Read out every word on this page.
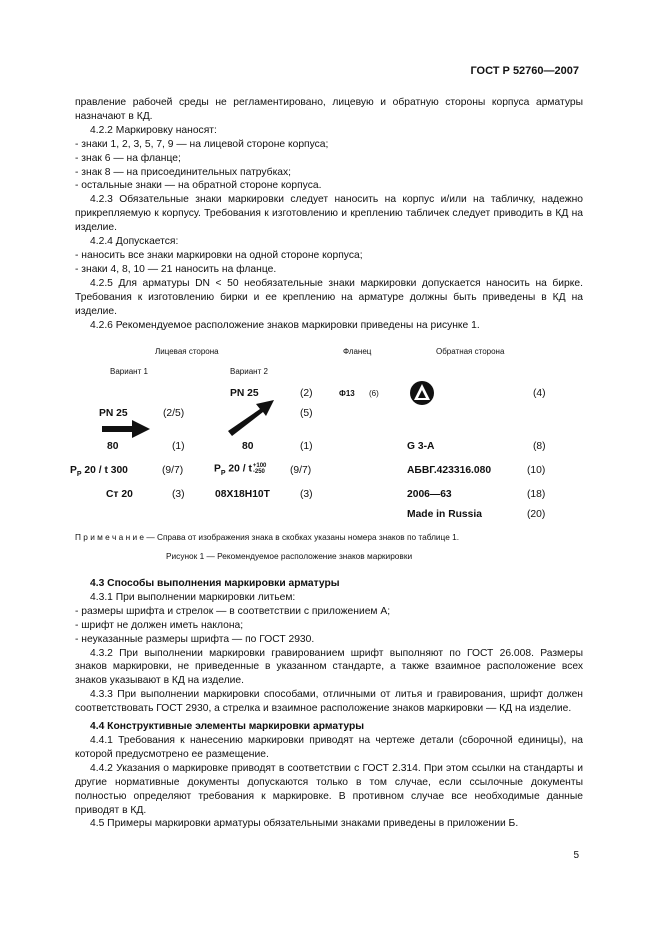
ГОСТ Р 52760—2007

правление рабочей среды не регламентировано, лицевую и обратную стороны корпуса арматуры назначают в КД.

4.2.2 Маркировку наносят:

- знаки 1, 2, 3, 5, 7, 9 — на лицевой стороне корпуса;

- знак 6 — на фланце;

- знак 8 — на присоединительных патрубках;

- остальные знаки — на обратной стороне корпуса.

4.2.3 Обязательные знаки маркировки следует наносить на корпус и/или на табличку, надежно прикрепляемую к корпусу. Требования к изготовлению и креплению табличек следует приводить в КД на изделие.

4.2.4 Допускается:

- наносить все знаки маркировки на одной стороне корпуса;

- знаки 4, 8, 10 — 21 наносить на фланце.

4.2.5 Для арматуры DN < 50 необязательные знаки маркировки допускается наносить на бирке. Требования к изготовлению бирки и ее креплению на арматуре должны быть приведены в КД на изделие.

4.2.6 Рекомендуемое расположение знаков маркировки приведены на рисунке 1.

Лицевая сторона	Фланец	Обратная сторона
Вариант 1	Вариант 2
PN 25	(2/5)
80	(1)
$P_P$ 20 / t 300	(9/7)
Ст 20	(3)
PN 25	(2)
(5)
80	(1)
$P_P$ 20 / t+100
-250 (9/7)
08Х18Н10Т	(3)
Ф13 (6)	(4)
G 3-A	(8)
АБВГ.423316.080	(10)
2006—63	(18)
Made in Russia	(20)
П р и м е ч а н и е — Справа от изображения знака в скобках указаны номера знаков по таблице 1.
Рисунок 1 — Рекомендуемое расположение знаков маркировки

4.3 Способы выполнения маркировки арматуры

4.3.1 При выполнении маркировки литьем:

- размеры шрифта и стрелок — в соответствии с приложением А;

- шрифт не должен иметь наклона;

- неуказанные размеры шрифта — по ГОСТ 2930.

4.3.2 При выполнении маркировки гравированием шрифт выполняют по ГОСТ 26.008. Размеры знаков маркировки, не приведенные в указанном стандарте, а также взаимное расположение всех знаков указывают в КД на изделие.

4.3.3 При выполнении маркировки способами, отличными от литья и гравирования, шрифт должен соответствовать ГОСТ 2930, а стрелка и взаимное расположение знаков маркировки — КД на изделие.

4.4 Конструктивные элементы маркировки арматуры

4.4.1 Требования к нанесению маркировки приводят на чертеже детали (сборочной единицы), на которой предусмотрено ее размещение.

4.4.2 Указания о маркировке приводят в соответствии с ГОСТ 2.314. При этом ссылки на стандарты и другие нормативные документы допускаются только в том случае, если ссылочные документы полностью определяют требования к маркировке. В противном случае все необходимые данные приводят в КД.

4.5 Примеры маркировки арматуры обязательными знаками приведены в приложении Б.

5
